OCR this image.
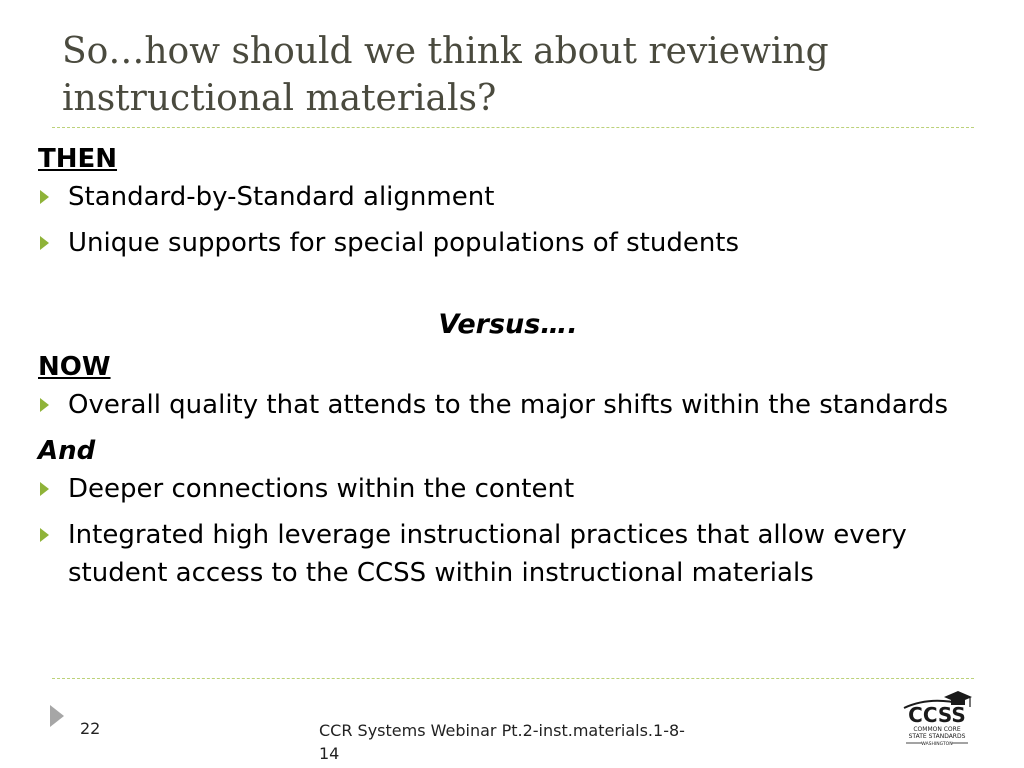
So…how should we think about reviewing instructional materials?
THEN
Standard-by-Standard alignment
Unique supports for special populations of students
Versus….
NOW
Overall quality that attends to the major shifts within the standards
And
Deeper connections within the content
Integrated high leverage instructional practices that allow every student access to the CCSS within instructional materials
22	CCR Systems Webinar Pt.2-inst.materials.1-8-14
CCSS
COMMON CORE
STATE STANDARDS
WASHINGTON
